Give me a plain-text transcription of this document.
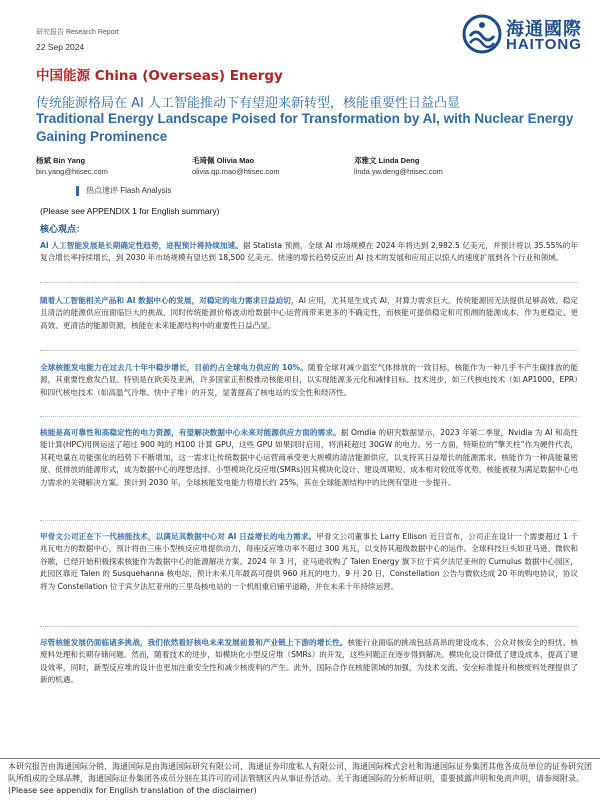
研究报告 Research Report
22 Sep 2024
海通國際
HAITONG
中国能源 China (Overseas) Energy
传统能源格局在 AI 人工智能推动下有望迎来新转型，核能重要性日益凸显
Traditional Energy Landscape Poised for Transformation by AI, with Nuclear Energy Gaining Prominence
杨斌 Bin Yang
bin.yang@htisec.com
毛琦佩 Olivia Mao
olivia.qp.mao@htisec.com
邓雅文 Linda Deng
linda.yw.deng@htisec.com
热点速评 Flash Analysis
(Please see APPENDIX 1 for English summary)
核心观点：
AI 人工智能发展是长期确定性趋势，进程预计将持续加速。据 Statista 预测，全球 AI 市场规模在 2024 年将达到 2,982.5 亿美元，并预计将以 35.55%的年复合增长率持续增长，到 2030 年市场规模有望达到 18,500 亿美元。快速的增长趋势反应出 AI 技术的发展和应用正以惊人的速度扩展到各个行业和领域。
随着人工智能相关产品和 AI 数据中心的发展，对稳定的电力需求日益迫切，AI 应用，尤其是生成式 AI，对算力需求巨大。传统能源因无法提供足够高效、稳定且清洁的能源供应而面临巨大的挑战，同时传统能源价格波动给数据中心运营商带来更多的不确定性，而核能可提供稳定和可预测的能源成本，作为更稳定、更高效、更清洁的能源资源，核能在未来能源结构中的重要性日益凸显。
全球核能发电能力在过去几十年中稳步增长，目前约占全球电力供应的 10%。随着全球对减少温室气体排放的一致目标，核能作为一种几乎不产生碳排放的能源，其重要性愈发凸显。特别是在欧美及亚洲，许多国家正积极推动核能项目，以实现能源多元化和减排目标。技术进步，如三代核电技术（如 AP1000、EPR）和四代核电技术（如高温气冷堆、快中子堆）的开发，显著提高了核电站的安全性和经济性。
核能是高可靠性和高稳定性的电力资源，有望解决数据中心未来对能源供应方面的需求。据 Omdia 的研究数据显示，2023 年第二季度，Nvidia 为 AI 和高性能计算(HPC)用例运送了超过 900 吨的 H100 计算 GPU，这些 GPU 如果同时启用，将消耗超过 30GW 的电力。另一方面，特斯拉的“擎天柱”作为硬件代表，其耗电量在功能强化的趋势下不断增加，这一需求让传统数据中心运营商承受更大规模的清洁能源供应，以支持其日益增长的能源需求。核能作为一种高能量密度、低排放的能源形式，成为数据中心的理想选择。小型模块化反应堆(SMRs)因其模块化设计、建设周期短、成本相对较低等优势，核能被视为满足数据中心电力需求的关键解决方案。预计到 2030 年，全球核能发电能力将增长约 25%，其在全球能源结构中的比例有望进一步提升。
甲骨文公司正在下一代核能技术，以满足其数据中心对 AI 日益增长的电力需求。甲骨文公司董事长 Larry Ellison 近日宣布，公司正在设计一个需要超过 1 千兆瓦电力的数据中心，预计将由三座小型核反应堆提供动力，每座反应堆功率不超过 300 兆瓦，以支持其超级数据中心的运作。全球科技巨头如亚马逊、微软和谷歌，已经开始积极探索核能作为数据中心的能源解决方案。2024 年 3 月，亚马逊收购了 Talen Energy 旗下位于宾夕法尼亚州的 Cumulus 数据中心园区，此园区靠近 Talen 的 Susquehanna 核电站，预计未来几年最高可提供 960 兆瓦的电力。9 月 20 日，Constellation 公告与微软达成 20 年的购电协议，协议将为 Constellation 位于宾夕法尼亚州的三里岛核电站的一个机组重启铺平道路，并在未来十年持续运营。
尽管核能发展仍面临诸多挑战，我们依然看好核电未来发展前景和产业链上下游的增长性。核能行业面临的挑战包括高昂的建设成本、公众对核安全的担忧、核废料处理和长期存储问题。然而，随着技术的进步，如模块化小型反应堆（SMRs）的开发，这些问题正在逐步得到解决。模块化设计降低了建设成本，提高了建设效率，同时，新型反应堆的设计也更加注重安全性和减少核废料的产生。此外，国际合作在核能领域的加强，为技术交流、安全标准提升和核废料处理提供了新的机遇。
本研究报告由海通国际分销，海通国际是由海通国际研究有限公司，海通证券印度私人有限公司，海通国际株式会社和海通国际证券集团其他各成员单位的证券研究团队所组成的全球品牌，海通国际证券集团各成员分别在其许可的司法管辖区内从事证券活动。关于海通国际的分析师证明，重要披露声明和免责声明，请参阅附录。(Please see appendix for English translation of the disclaimer)
